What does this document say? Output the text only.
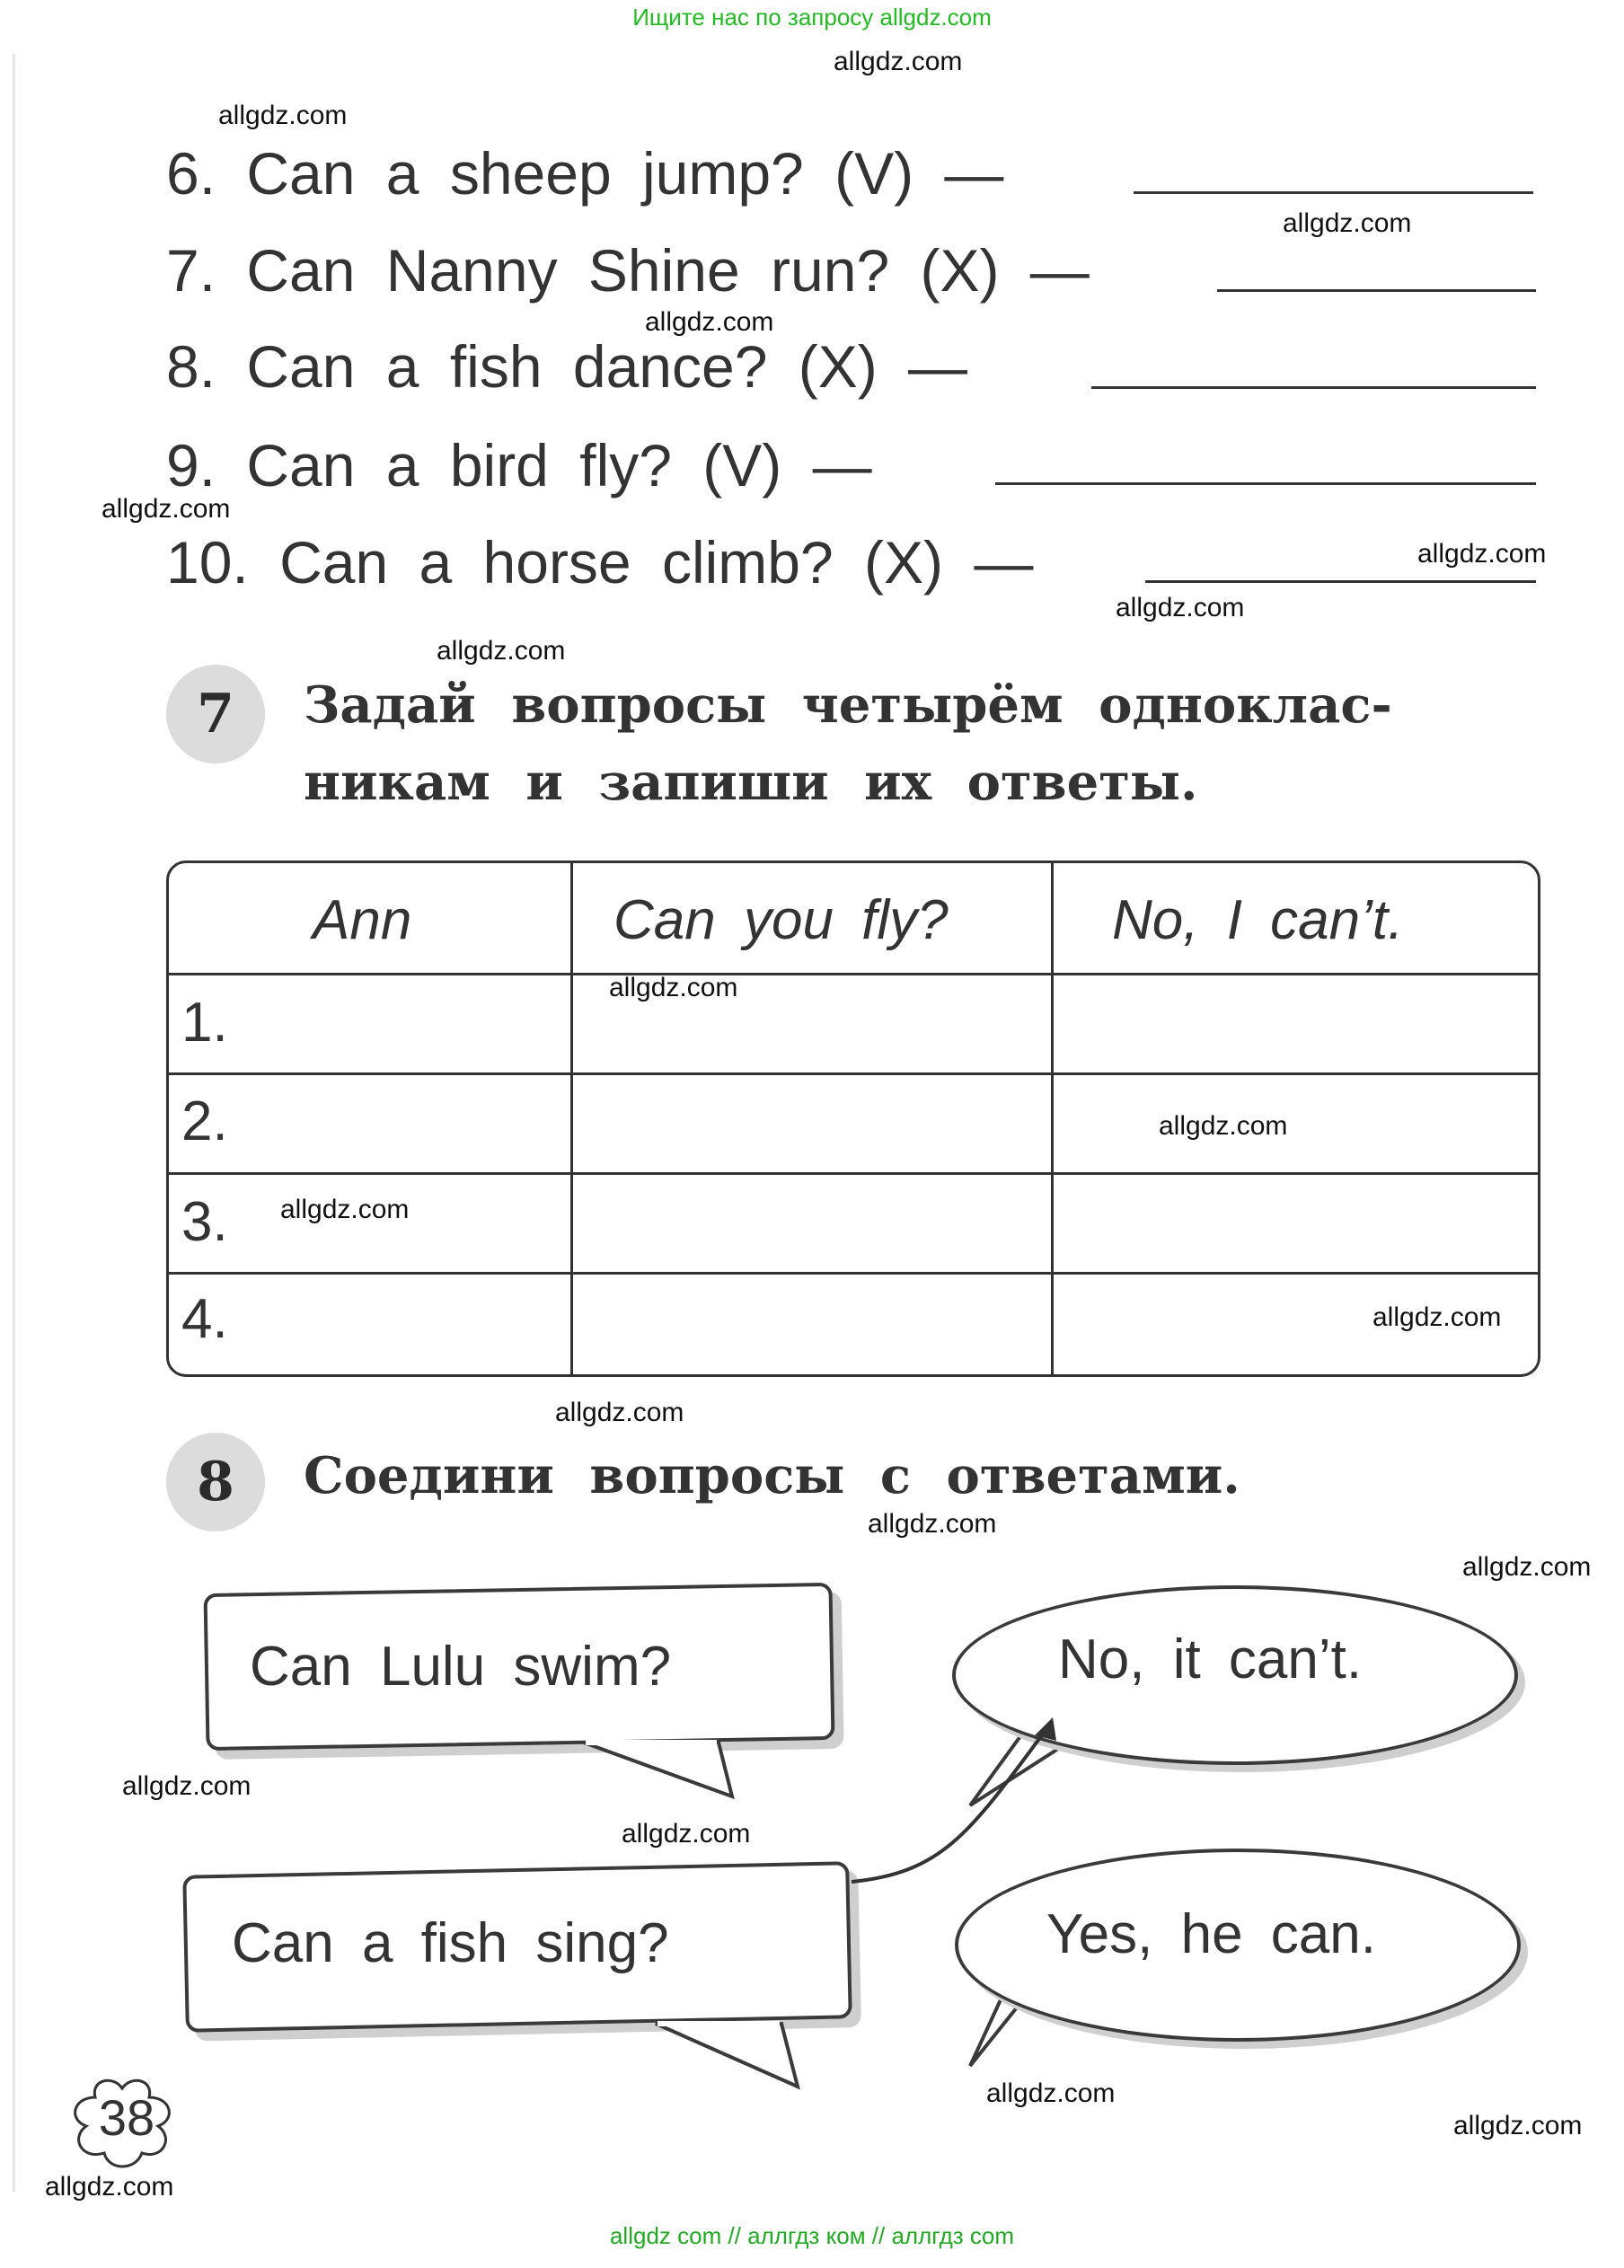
Ищите нас по запросу allgdz.com
allgdz com // аллгдз ком // аллгдз com
6. Can a sheep jump? (V) —
7. Can Nanny Shine run? (X) —
8. Can a fish dance? (X) —
9. Can a bird fly? (V) —
10. Can a horse climb? (X) —
7	Задай вопросы четырём одноклас-
никам и запиши их ответы.
Ann	Can you fly?	No, I can’t.
1.
2.
3.
4.
8	Соедини вопросы с ответами.
Can Lulu swim?
Can a fish sing?
No, it can’t.
Yes, he can.
38
allgdz.com
allgdz.com
allgdz.com
allgdz.com
allgdz.com
allgdz.com
allgdz.com
allgdz.com
allgdz.com
allgdz.com
allgdz.com
allgdz.com
allgdz.com
allgdz.com
allgdz.com
allgdz.com
allgdz.com
allgdz.com
allgdz.com
allgdz.com
